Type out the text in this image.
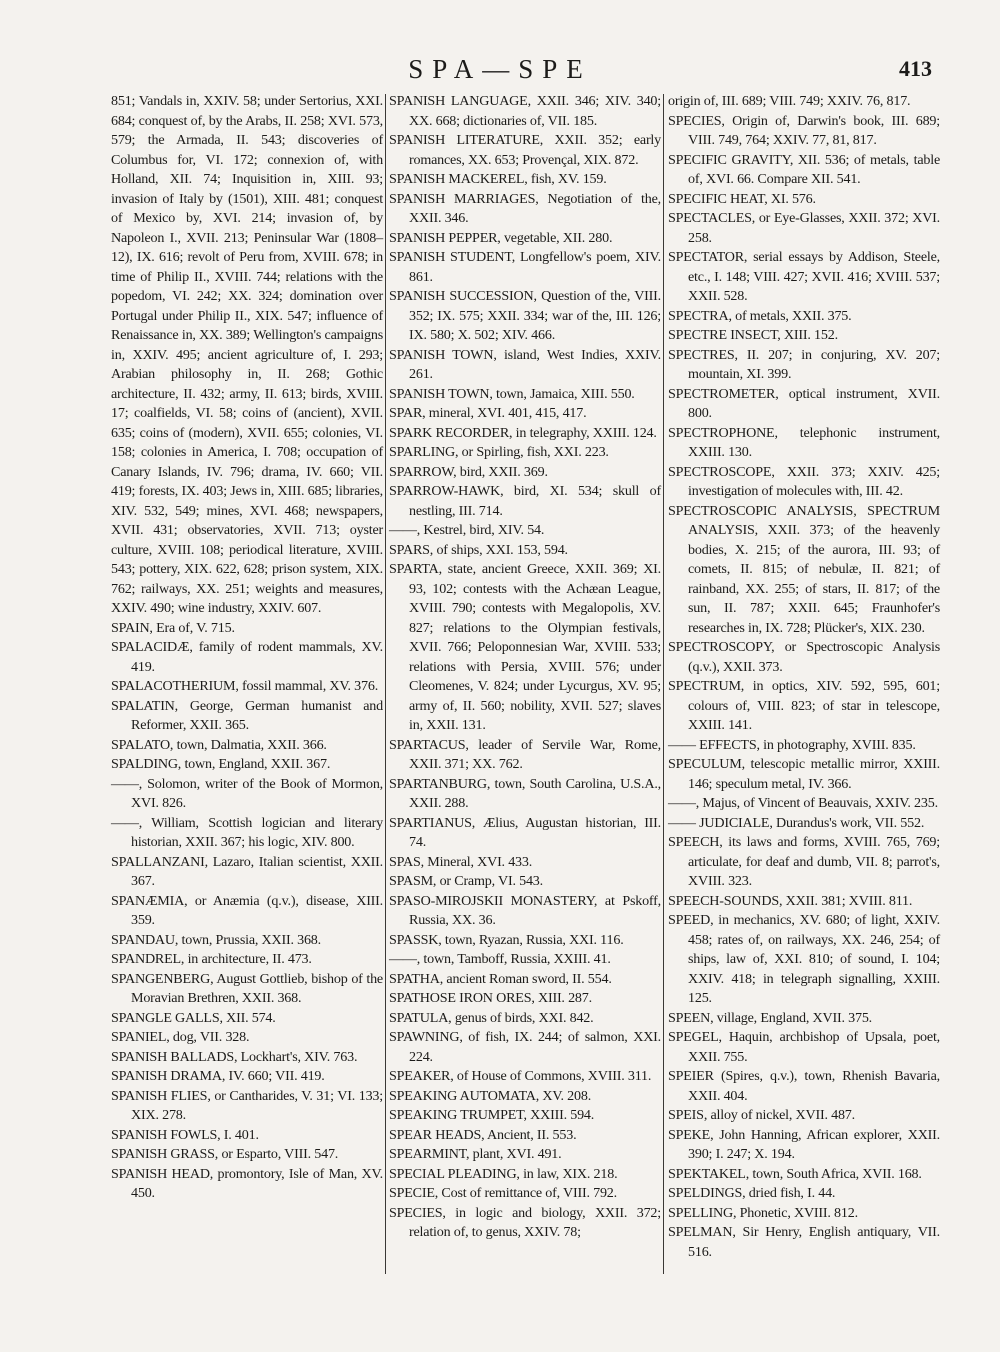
SPA—SPE	413

851; Vandals in, XXIV. 58; under Sertorius, XXI. 684; conquest of, by the Arabs, II. 258; XVI. 573, 579; the Armada, II. 543; discoveries of Columbus for, VI. 172; connexion of, with Holland, XII. 74; Inquisition in, XIII. 93; invasion of Italy by (1501), XIII. 481; conquest of Mexico by, XVI. 214; invasion of, by Napoleon I., XVII. 213; Peninsular War (1808–12), IX. 616; revolt of Peru from, XVIII. 678; in time of Philip II., XVIII. 744; relations with the popedom, VI. 242; XX. 324; domination over Portugal under Philip II., XIX. 547; influence of Renaissance in, XX. 389; Wellington's campaigns in, XXIV. 495; ancient agriculture of, I. 293; Arabian philosophy in, II. 268; Gothic architecture, II. 432; army, II. 613; birds, XVIII. 17; coalfields, VI. 58; coins of (ancient), XVII. 635; coins of (modern), XVII. 655; colonies, VI. 158; colonies in America, I. 708; occupation of Canary Islands, IV. 796; drama, IV. 660; VII. 419; forests, IX. 403; Jews in, XIII. 685; libraries, XIV. 532, 549; mines, XVI. 468; newspapers, XVII. 431; observatories, XVII. 713; oyster culture, XVIII. 108; periodical literature, XVIII. 543; pottery, XIX. 622, 628; prison system, XIX. 762; railways, XX. 251; weights and measures, XXIV. 490; wine industry, XXIV. 607.

SPAIN, Era of, V. 715.

SPALACIDÆ, family of rodent mammals, XV. 419.

SPALACOTHERIUM, fossil mammal, XV. 376.

SPALATIN, George, German humanist and Reformer, XXII. 365.

SPALATO, town, Dalmatia, XXII. 366.

SPALDING, town, England, XXII. 367.

——, Solomon, writer of the Book of Mormon, XVI. 826.

——, William, Scottish logician and literary historian, XXII. 367; his logic, XIV. 800.

SPALLANZANI, Lazaro, Italian scientist, XXII. 367.

SPANÆMIA, or Anæmia (q.v.), disease, XIII. 359.

SPANDAU, town, Prussia, XXII. 368.

SPANDREL, in architecture, II. 473.

SPANGENBERG, August Gottlieb, bishop of the Moravian Brethren, XXII. 368.

SPANGLE GALLS, XII. 574.

SPANIEL, dog, VII. 328.

SPANISH BALLADS, Lockhart's, XIV. 763.

SPANISH DRAMA, IV. 660; VII. 419.

SPANISH FLIES, or Cantharides, V. 31; VI. 133; XIX. 278.

SPANISH FOWLS, I. 401.

SPANISH GRASS, or Esparto, VIII. 547.

SPANISH HEAD, promontory, Isle of Man, XV. 450.

SPANISH LANGUAGE, XXII. 346; XIV. 340; XX. 668; dictionaries of, VII. 185.

SPANISH LITERATURE, XXII. 352; early romances, XX. 653; Provençal, XIX. 872.

SPANISH MACKEREL, fish, XV. 159.

SPANISH MARRIAGES, Negotiation of the, XXII. 346.

SPANISH PEPPER, vegetable, XII. 280.

SPANISH STUDENT, Longfellow's poem, XIV. 861.

SPANISH SUCCESSION, Question of the, VIII. 352; IX. 575; XXII. 334; war of the, III. 126; IX. 580; X. 502; XIV. 466.

SPANISH TOWN, island, West Indies, XXIV. 261.

SPANISH TOWN, town, Jamaica, XIII. 550.

SPAR, mineral, XVI. 401, 415, 417.

SPARK RECORDER, in telegraphy, XXIII. 124.

SPARLING, or Spirling, fish, XXI. 223.

SPARROW, bird, XXII. 369.

SPARROW-HAWK, bird, XI. 534; skull of nestling, III. 714.

——, Kestrel, bird, XIV. 54.

SPARS, of ships, XXI. 153, 594.

SPARTA, state, ancient Greece, XXII. 369; XI. 93, 102; contests with the Achæan League, XVIII. 790; contests with Megalopolis, XV. 827; relations to the Olympian festivals, XVII. 766; Peloponnesian War, XVIII. 533; relations with Persia, XVIII. 576; under Cleomenes, V. 824; under Lycurgus, XV. 95; army of, II. 560; nobility, XVII. 527; slaves in, XXII. 131.

SPARTACUS, leader of Servile War, Rome, XXII. 371; XX. 762.

SPARTANBURG, town, South Carolina, U.S.A., XXII. 288.

SPARTIANUS, Ælius, Augustan historian, III. 74.

SPAS, Mineral, XVI. 433.

SPASM, or Cramp, VI. 543.

SPASO-MIROJSKII MONASTERY, at Pskoff, Russia, XX. 36.

SPASSK, town, Ryazan, Russia, XXI. 116.

——, town, Tamboff, Russia, XXIII. 41.

SPATHA, ancient Roman sword, II. 554.

SPATHOSE IRON ORES, XIII. 287.

SPATULA, genus of birds, XXI. 842.

SPAWNING, of fish, IX. 244; of salmon, XXI. 224.

SPEAKER, of House of Commons, XVIII. 311.

SPEAKING AUTOMATA, XV. 208.

SPEAKING TRUMPET, XXIII. 594.

SPEAR HEADS, Ancient, II. 553.

SPEARMINT, plant, XVI. 491.

SPECIAL PLEADING, in law, XIX. 218.

SPECIE, Cost of remittance of, VIII. 792.

SPECIES, in logic and biology, XXII. 372; relation of, to genus, XXIV. 78;

origin of, III. 689; VIII. 749; XXIV. 76, 817.

SPECIES, Origin of, Darwin's book, III. 689; VIII. 749, 764; XXIV. 77, 81, 817.

SPECIFIC GRAVITY, XII. 536; of metals, table of, XVI. 66. Compare XII. 541.

SPECIFIC HEAT, XI. 576.

SPECTACLES, or Eye-Glasses, XXII. 372; XVI. 258.

SPECTATOR, serial essays by Addison, Steele, etc., I. 148; VIII. 427; XVII. 416; XVIII. 537; XXII. 528.

SPECTRA, of metals, XXII. 375.

SPECTRE INSECT, XIII. 152.

SPECTRES, II. 207; in conjuring, XV. 207; mountain, XI. 399.

SPECTROMETER, optical instrument, XVII. 800.

SPECTROPHONE, telephonic instrument, XXIII. 130.

SPECTROSCOPE, XXII. 373; XXIV. 425; investigation of molecules with, III. 42.

SPECTROSCOPIC ANALYSIS, SPECTRUM ANALYSIS, XXII. 373; of the heavenly bodies, X. 215; of the aurora, III. 93; of comets, II. 815; of nebulæ, II. 821; of rainband, XX. 255; of stars, II. 817; of the sun, II. 787; XXII. 645; Fraunhofer's researches in, IX. 728; Plücker's, XIX. 230.

SPECTROSCOPY, or Spectroscopic Analysis (q.v.), XXII. 373.

SPECTRUM, in optics, XIV. 592, 595, 601; colours of, VIII. 823; of star in telescope, XXIII. 141.

—— EFFECTS, in photography, XVIII. 835.

SPECULUM, telescopic metallic mirror, XXIII. 146; speculum metal, IV. 366.

——, Majus, of Vincent of Beauvais, XXIV. 235.

—— JUDICIALE, Durandus's work, VII. 552.

SPEECH, its laws and forms, XVIII. 765, 769; articulate, for deaf and dumb, VII. 8; parrot's, XVIII. 323.

SPEECH-SOUNDS, XXII. 381; XVIII. 811.

SPEED, in mechanics, XV. 680; of light, XXIV. 458; rates of, on railways, XX. 246, 254; of ships, law of, XXI. 810; of sound, I. 104; XXIV. 418; in telegraph signalling, XXIII. 125.

SPEEN, village, England, XVII. 375.

SPEGEL, Haquin, archbishop of Upsala, poet, XXII. 755.

SPEIER (Spires, q.v.), town, Rhenish Bavaria, XXII. 404.

SPEIS, alloy of nickel, XVII. 487.

SPEKE, John Hanning, African explorer, XXII. 390; I. 247; X. 194.

SPEKTAKEL, town, South Africa, XVII. 168.

SPELDINGS, dried fish, I. 44.

SPELLING, Phonetic, XVIII. 812.

SPELMAN, Sir Henry, English antiquary, VII. 516.
